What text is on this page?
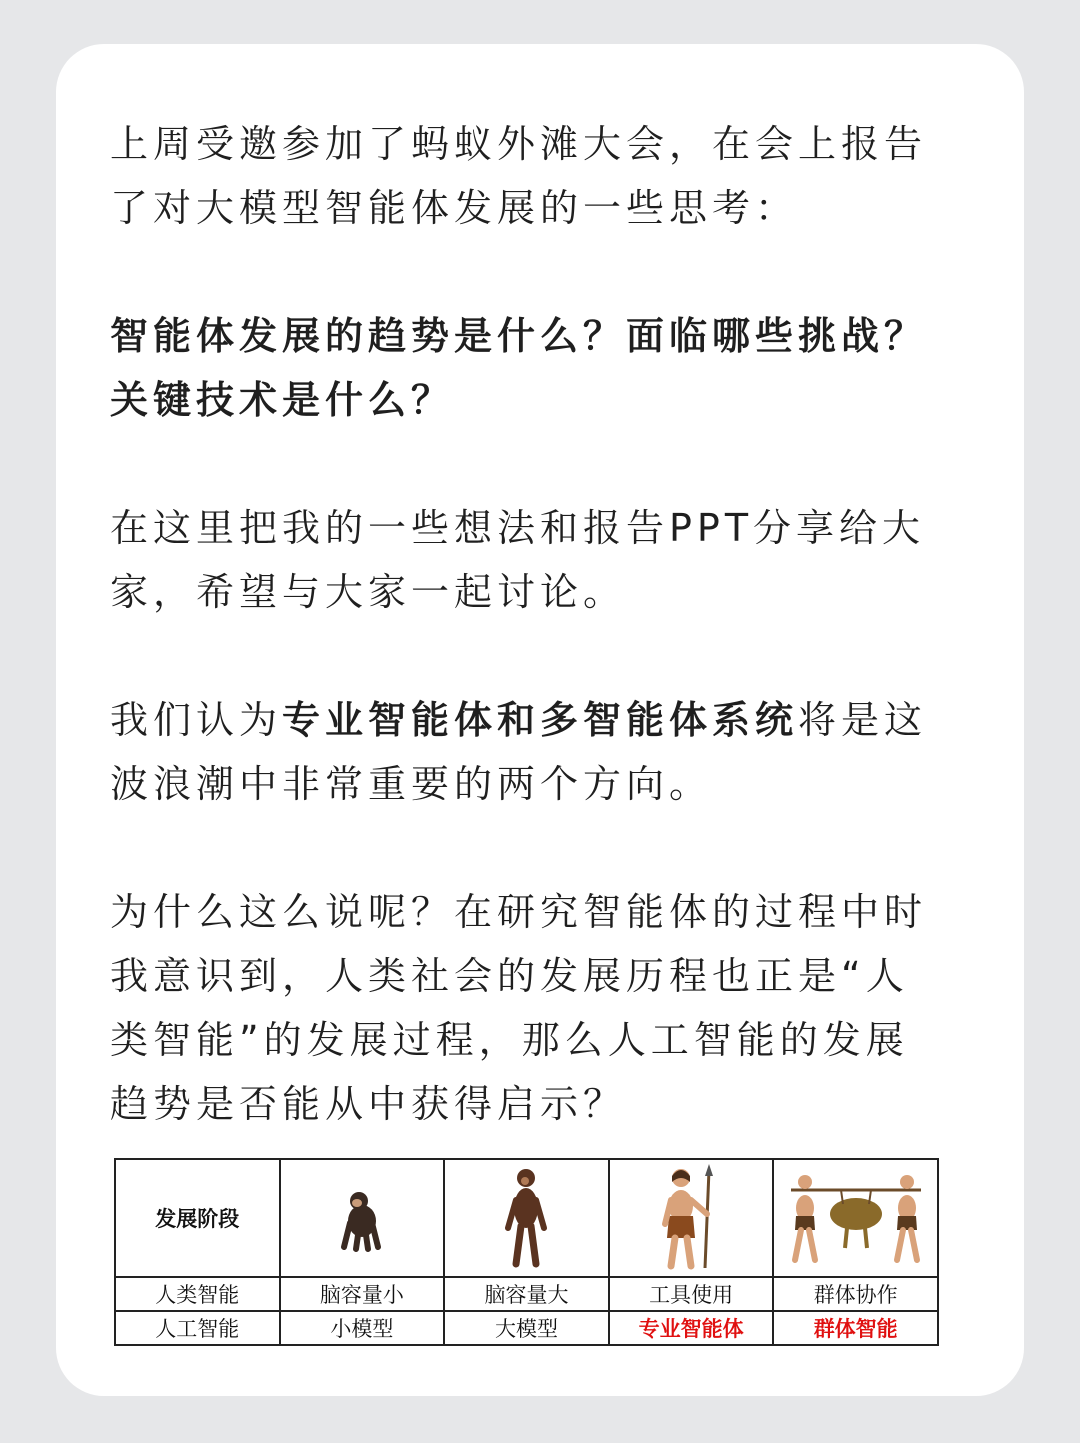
上周受邀参加了蚂蚁外滩大会，在会上报告了对大模型智能体发展的一些思考：
智能体发展的趋势是什么？面临哪些挑战？关键技术是什么？
在这里把我的一些想法和报告PPT分享给大家，希望与大家一起讨论。
我们认为专业智能体和多智能体系统将是这波浪潮中非常重要的两个方向。
为什么这么说呢？在研究智能体的过程中时我意识到，人类社会的发展历程也正是“人类智能”的发展过程，那么人工智能的发展趋势是否能从中获得启示？
发展阶段	

人类智能	脑容量小	脑容量大	工具使用	群体协作
人工智能	小模型	大模型	专业智能体	群体智能
